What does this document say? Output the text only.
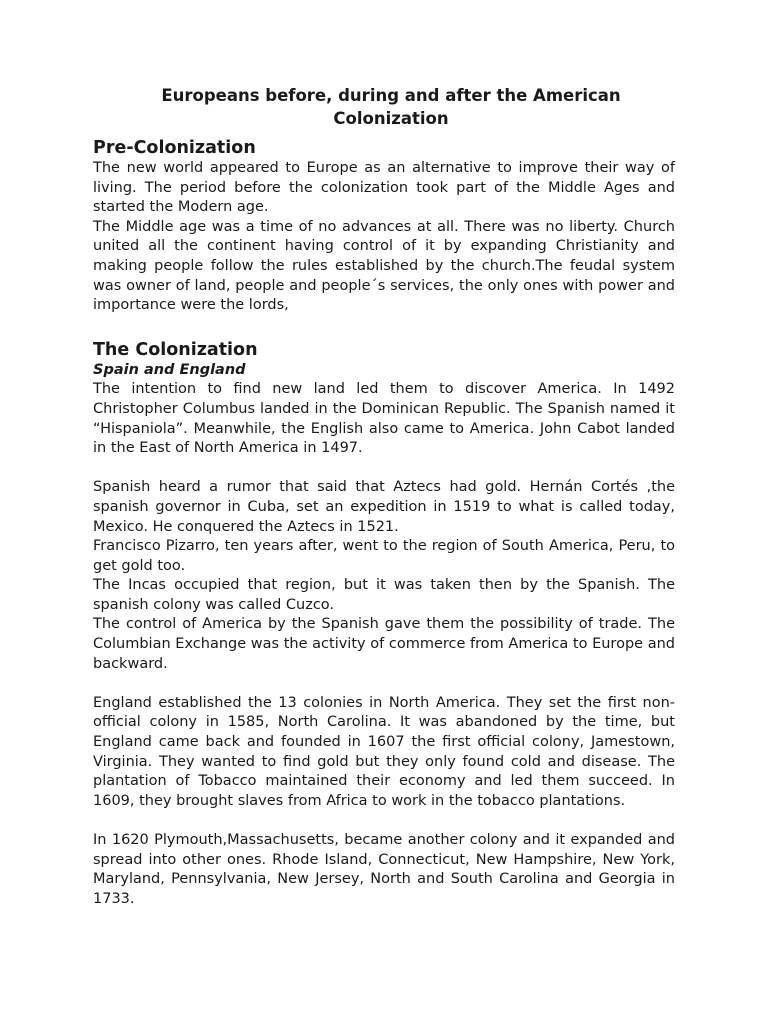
Europeans before, during and after the American Colonization
Pre-Colonization

The new world appeared to Europe as an alternative to improve their way of living. The period before the colonization took part of the Middle Ages and started the Modern age.

The Middle age was a time of no advances at all. There was no liberty. Church united all the continent having control of it by expanding Christianity and making people follow the rules established by the church.The feudal system was owner of land, people and people´s services, the only ones with power and importance were the lords,

The Colonization
Spain and England

The intention to find new land led them to discover America. In 1492 Christopher Columbus landed in the Dominican Republic. The Spanish named it “Hispaniola”. Meanwhile, the English also came to America. John Cabot landed in the East of North America in 1497.

Spanish heard a rumor that said that Aztecs had gold. Hernán Cortés ,the spanish governor in Cuba, set an expedition in 1519 to what is called today, Mexico. He conquered the Aztecs in 1521.

Francisco Pizarro, ten years after, went to the region of South America, Peru, to get gold too.

The Incas occupied that region, but it was taken then by the Spanish. The spanish colony was called Cuzco.

The control of America by the Spanish gave them the possibility of trade. The Columbian Exchange was the activity of commerce from America to Europe and backward.

England established the 13 colonies in North America. They set the first non-official colony in 1585, North Carolina. It was abandoned by the time, but England came back and founded in 1607 the first official colony, Jamestown, Virginia. They wanted to find gold but they only found cold and disease. The plantation of Tobacco maintained their economy and led them succeed. In 1609, they brought slaves from Africa to work in the tobacco plantations.

In 1620 Plymouth,Massachusetts, became another colony and it expanded and spread into other ones. Rhode Island, Connecticut, New Hampshire, New York, Maryland, Pennsylvania, New Jersey, North and South Carolina and Georgia in 1733.
